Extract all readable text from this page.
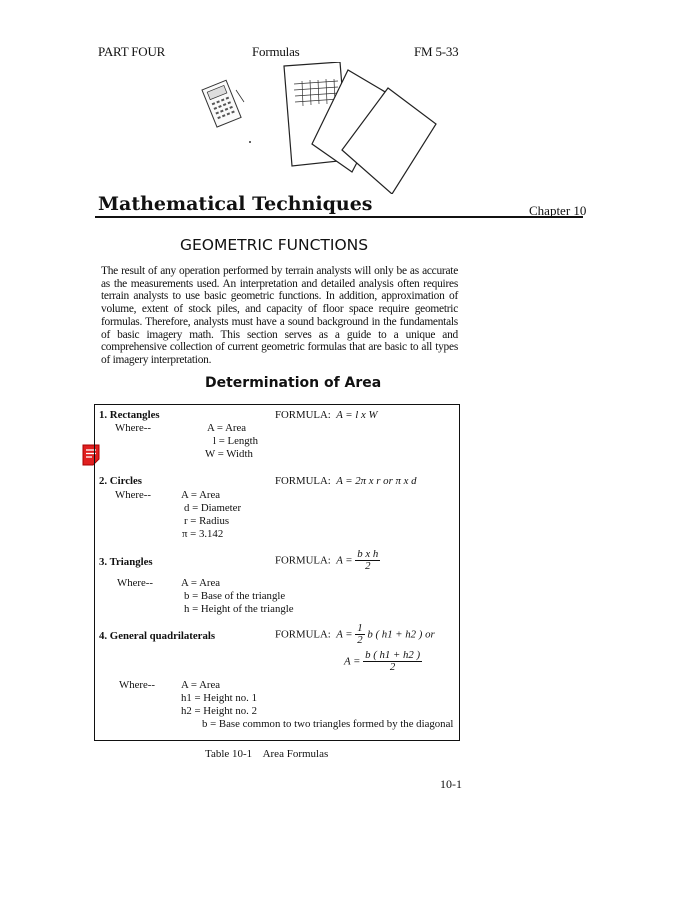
PART FOUR	Formulas	FM 5-33
Mathematical Techniques	Chapter 10
GEOMETRIC FUNCTIONS
The result of any operation performed by terrain analysts will only be as accurate as the measurements used. An interpretation and detailed analysis often requires terrain analysts to use basic geometric functions. In addition, approximation of volume, extent of stock piles, and capacity of floor space require geometric formulas. Therefore, analysts must have a sound background in the fundamentals of basic imagery math. This section serves as a guide to a unique and comprehensive collection of current geometric formulas that are basic to all types of imagery interpretation.
Determination of Area
1. Rectangles	FORMULA: A = l x W
Where--	A = Area
l = Length
W = Width
2. Circles	FORMULA: A = 2π x r or π x d
Where--	A = Area
d = Diameter
r = Radius
π = 3.142
3. Triangles	FORMULA: $A = \frac{\text{b x h}}{2}$
Where--	A = Area
b = Base of the triangle
h = Height of the triangle
4. General quadrilaterals	FORMULA: $A = \frac{1}{2}$ b ( h1 + h2 ) or
$A = \frac{b ( h1 + h2 )}{2}$
Where-- A = Area
h1 = Height no. 1
h2 = Height no. 2
b = Base common to two triangles formed by the diagonal
Table 10-1    Area Formulas
10-1
